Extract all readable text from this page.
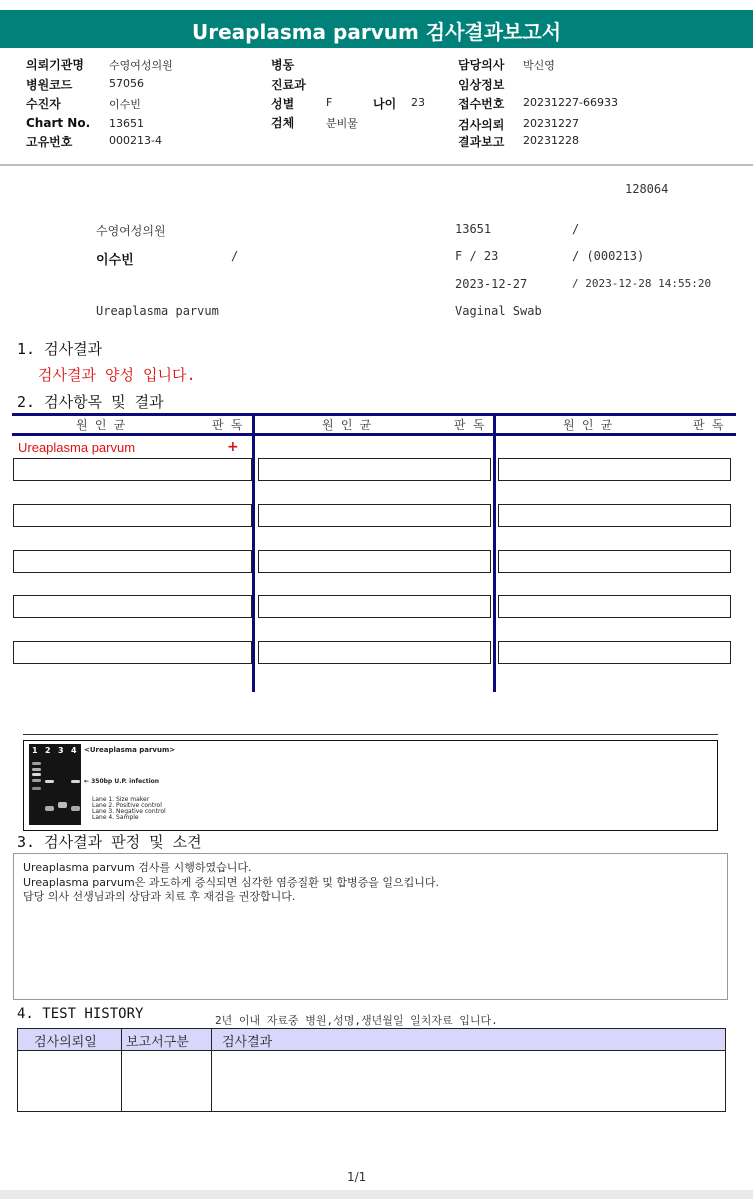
Ureaplasma parvum 검사결과보고서
의뢰기관명 수영여성의원
병원코드	57056
수진자	이수빈
Chart No. 13651
고유번호	000213-4
병동
진료과
성별	F	나이 23
검체	분비물
담당의사 박신영
임상정보
접수번호 20231227-66933
검사의뢰 20231227
결과보고 20231228
128064
수영여성의원	13651	/
이수빈	/	F / 23	/ (000213)
2023-12-27	/ 2023-12-28 14:55:20
Ureaplasma parvum	Vaginal Swab
1. 검사결과
검사결과 양성 입니다.
2. 검사항목 및 결과
원 인 균	판 독	원 인 균	판 독	원 인 균	판 독
Ureaplasma parvum	+
1 2 3 4 <Ureaplasma parvum>
← 350bp U.P. infection
Lane 1. Size maker
Lane 2. Positive control
Lane 3. Negative control
Lane 4. Sample
3. 검사결과 판정 및 소견
Ureaplasma parvum 검사를 시행하였습니다.
Ureaplasma parvum은 과도하게 증식되면 심각한 염증질환 및 합병증을 일으킵니다.
담당 의사 선생님과의 상담과 치료 후 재검을 권장합니다.
4. TEST HISTORY	2년 이내 자료중 병원,성명,생년월일 일치자료 입니다.
검사의뢰일 보고서구분	검사결과
1/1
